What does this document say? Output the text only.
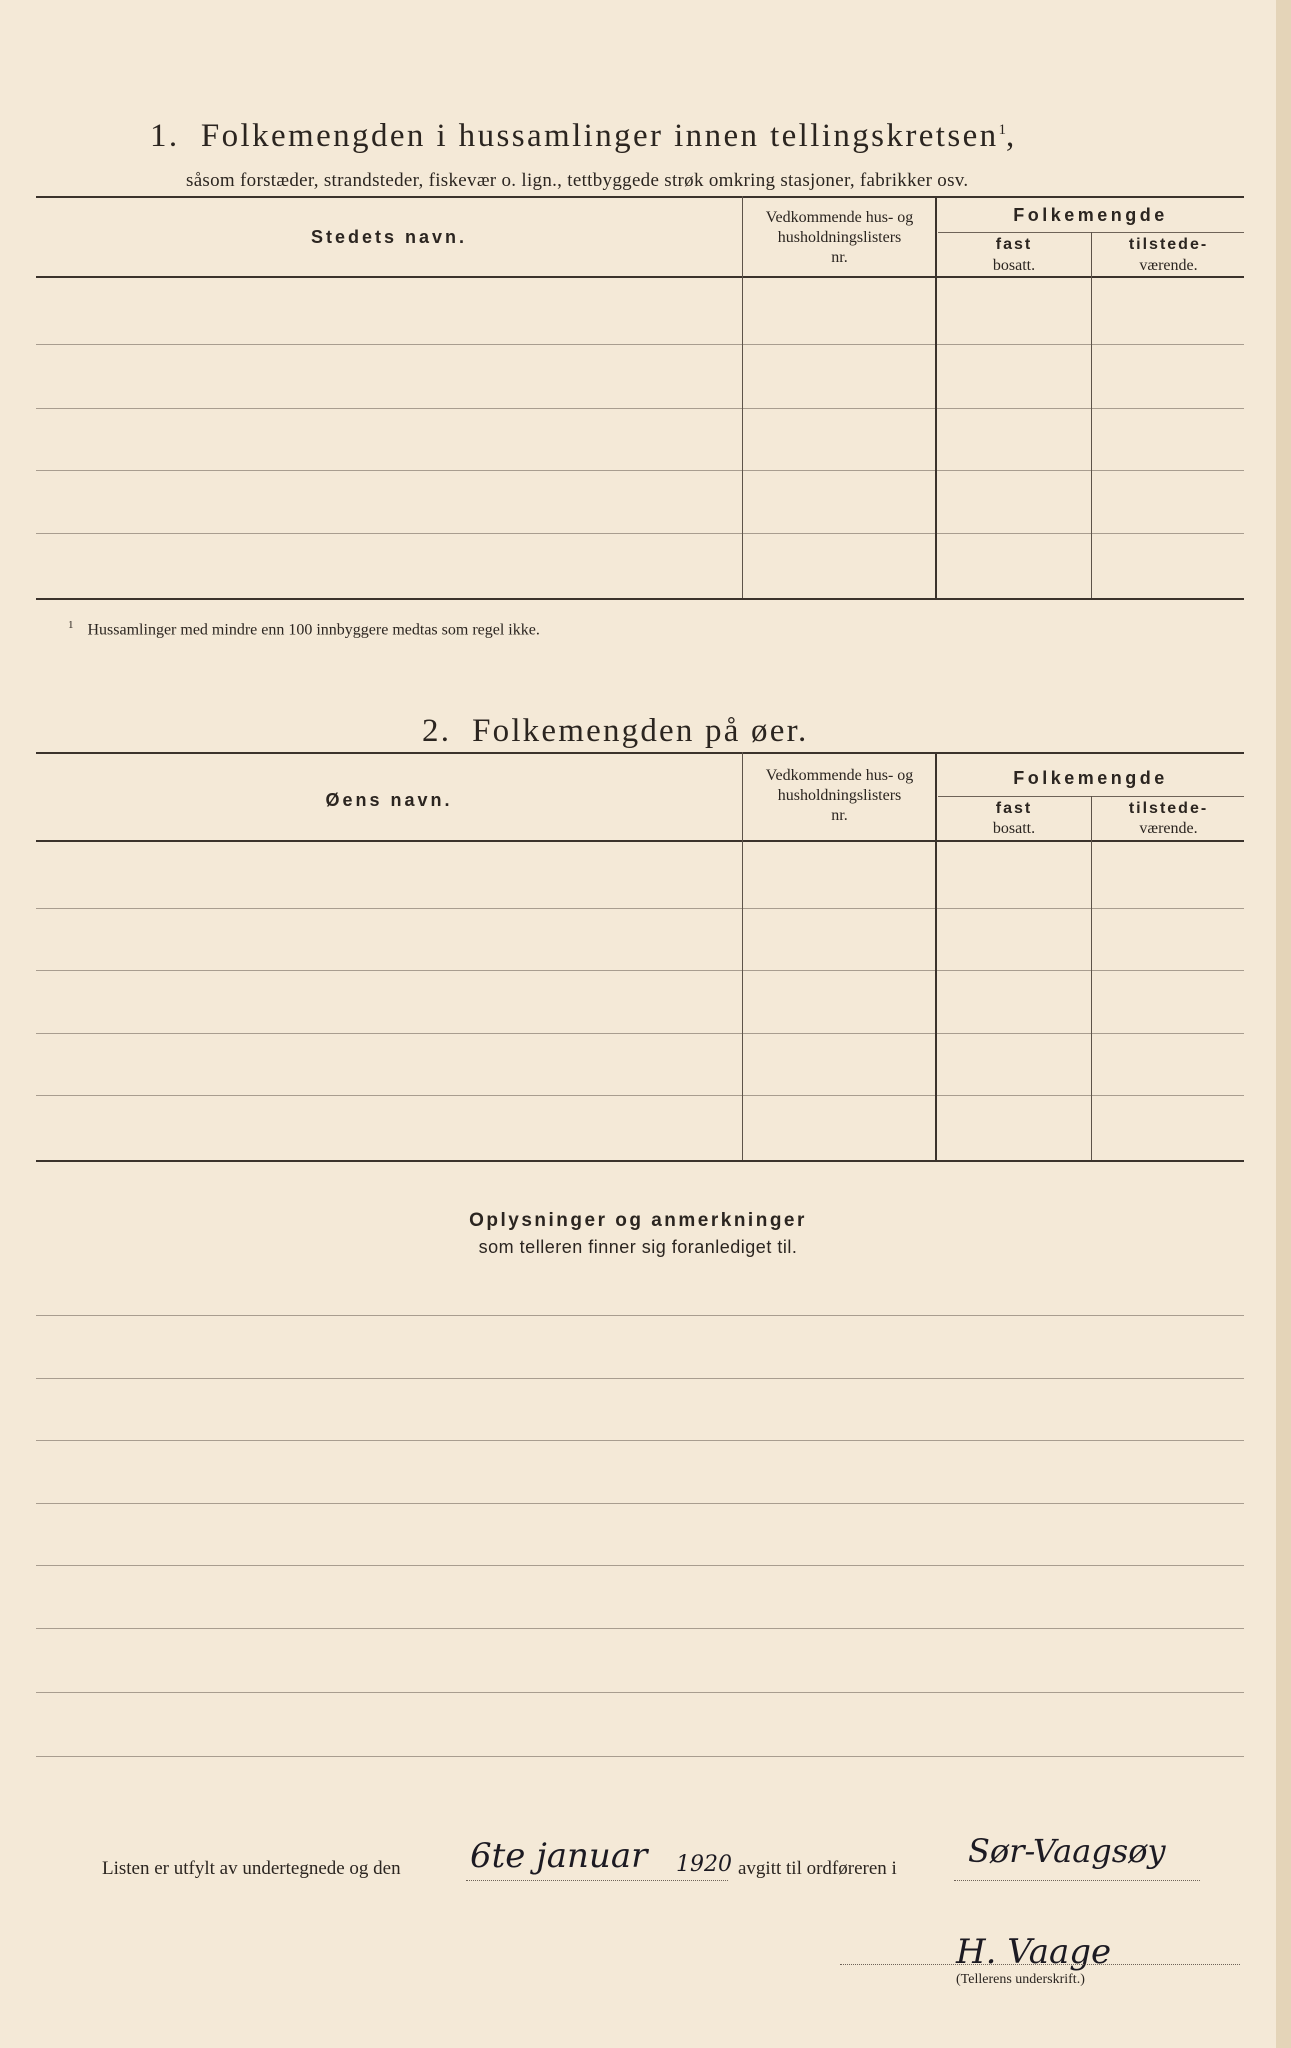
1. Folkemengden i hussamlinger innen tellingskretsen$^1$,
såsom forstæder, strandsteder, fiskevær o. lign., tettbyggede strøk omkring stasjoner, fabrikker osv.
Stedets navn.
Vedkommende hus- og
husholdningslisters
nr.
Folkemengde
fast
bosatt.
tilstede-
værende.
$^1$ Hussamlinger med mindre enn 100 innbyggere medtas som regel ikke.
2. Folkemengden på øer.
Øens navn.
Vedkommende hus- og
husholdningslisters
nr.
Folkemengde
fast
bosatt.
tilstede-
værende.
Oplysninger og anmerkninger
som telleren finner sig foranlediget til.
Listen er utfylt av undertegnede og den 6te januar 1920 avgitt til ordføreren i Sør-Vaagsøy
H. Vaage
(Tellerens underskrift.)
